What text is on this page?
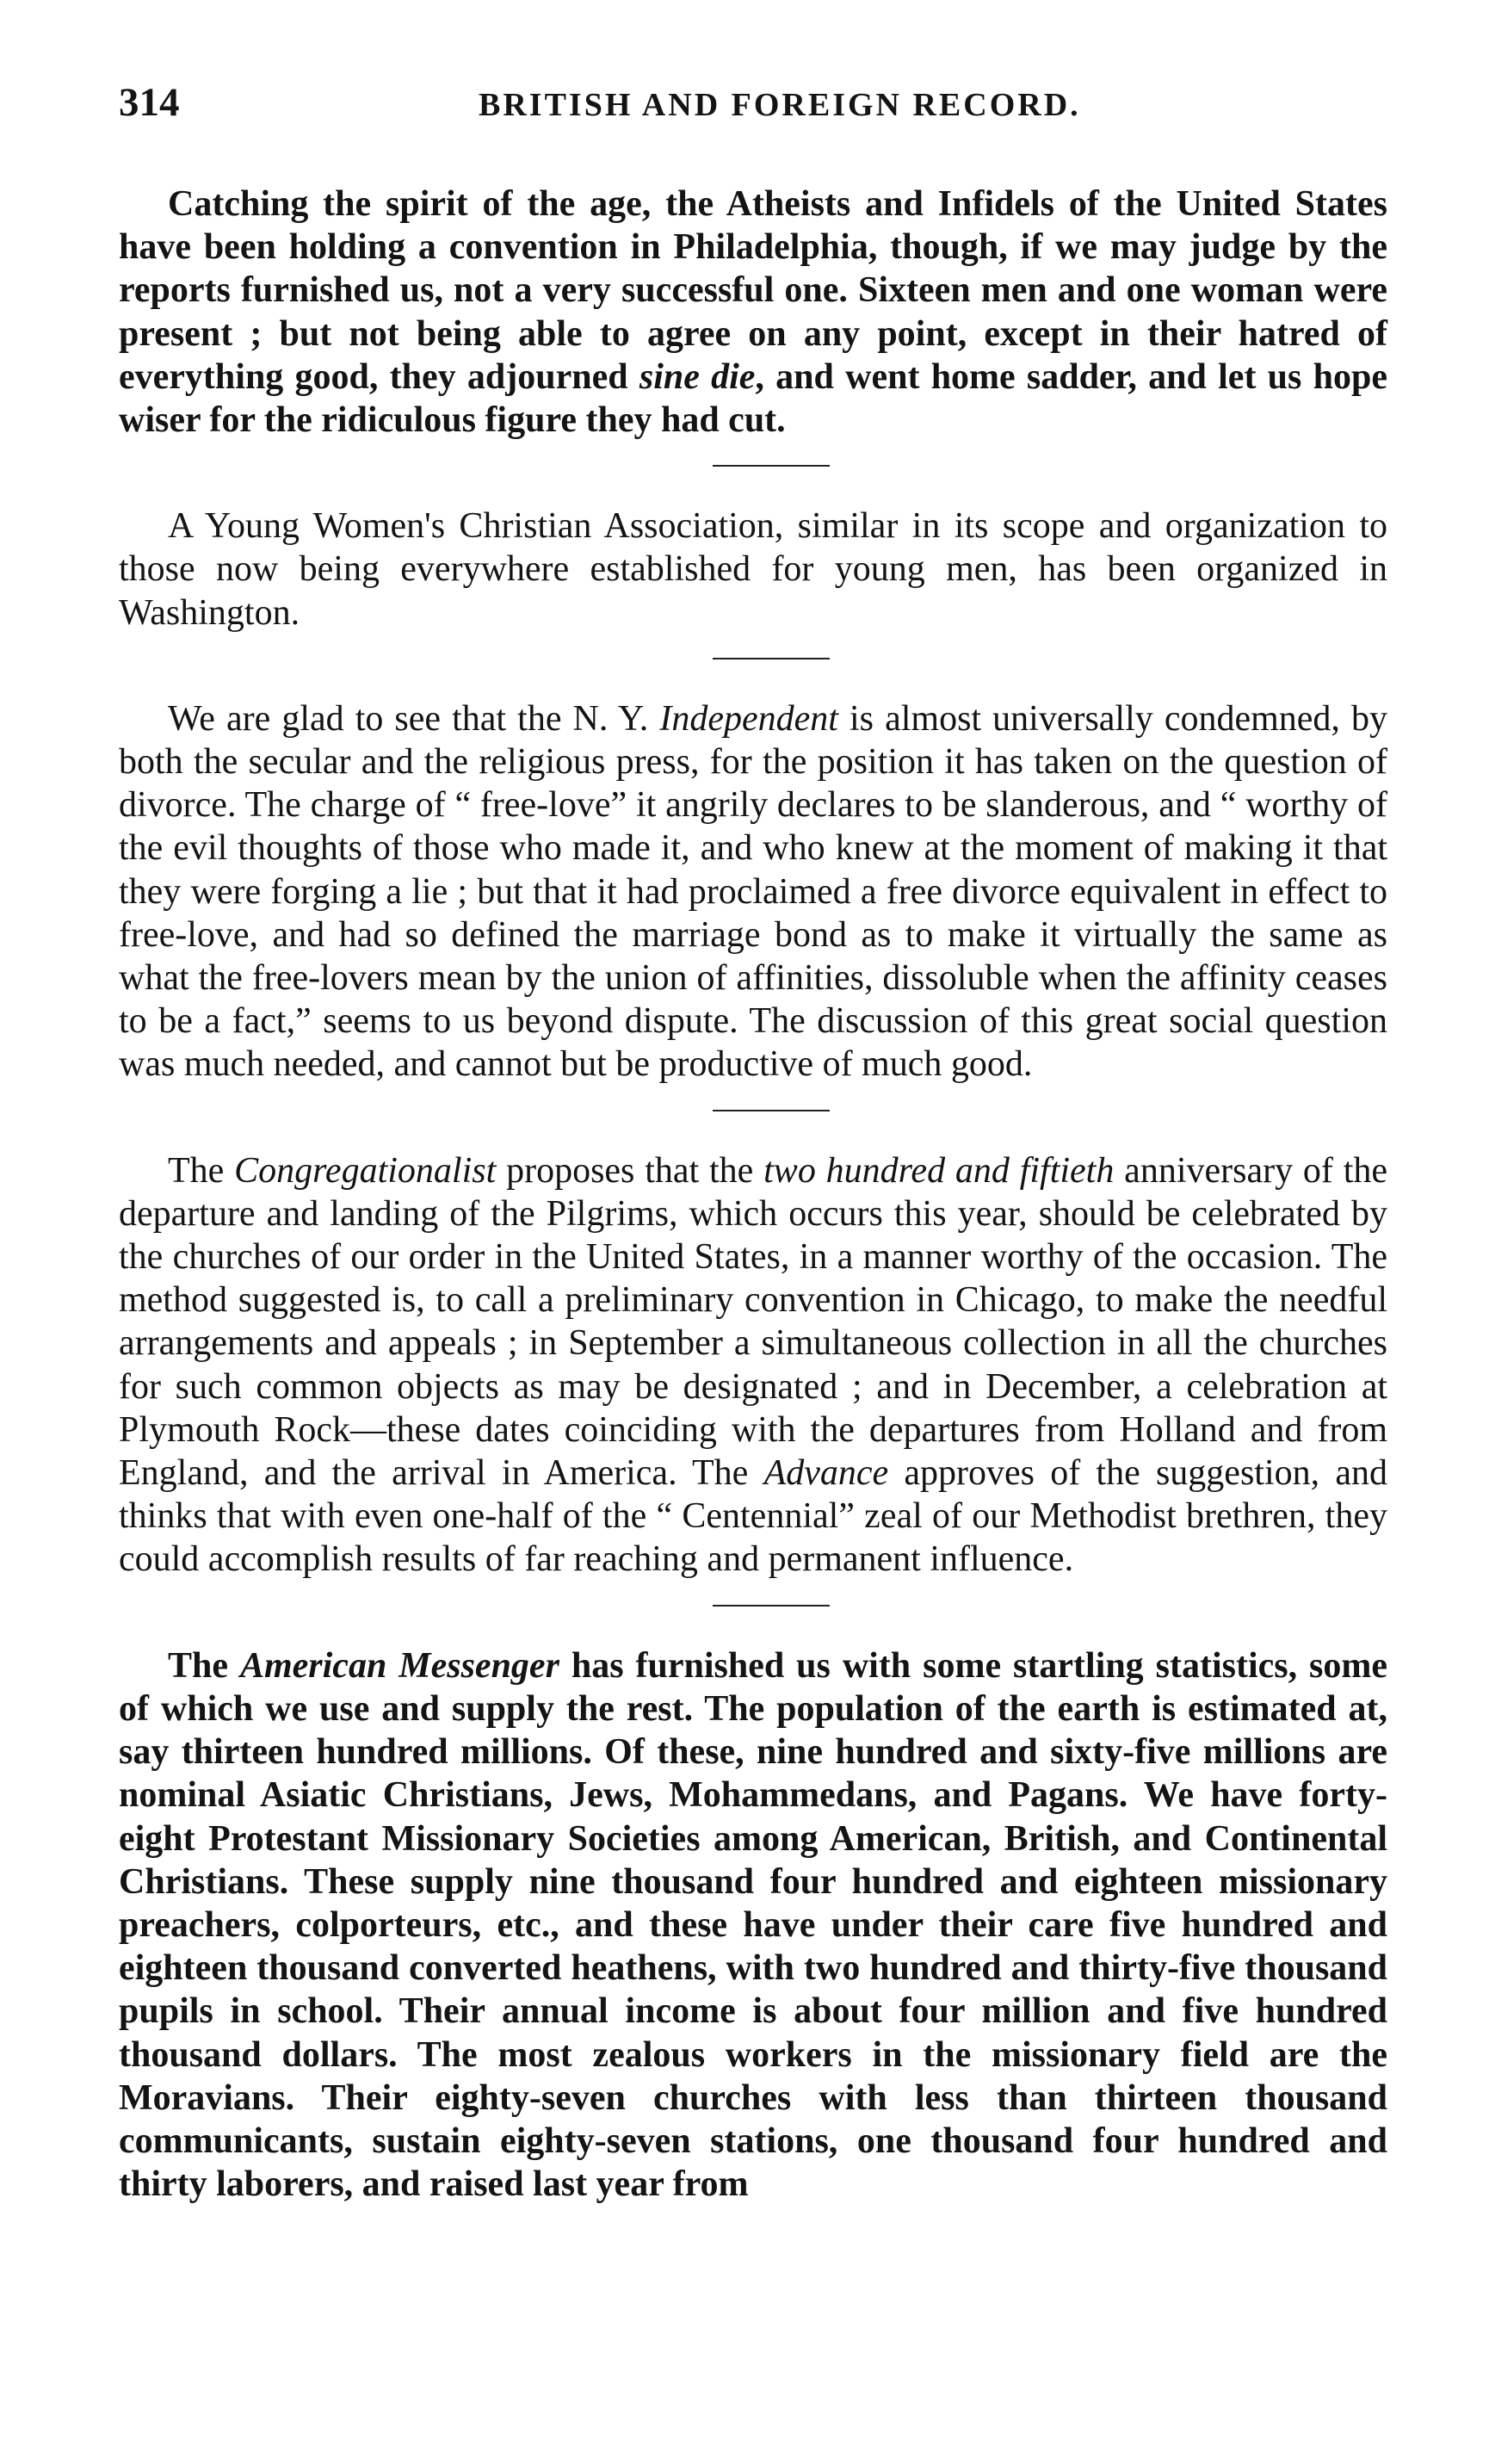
314	BRITISH AND FOREIGN RECORD.

Catching the spirit of the age, the Atheists and Infidels of the United States have been holding a convention in Philadelphia, though, if we may judge by the reports furnished us, not a very successful one. Sixteen men and one woman were present ; but not being able to agree on any point, except in their hatred of everything good, they adjourned sine die, and went home sadder, and let us hope wiser for the ridiculous figure they had cut.

A Young Women's Christian Association, similar in its scope and organization to those now being everywhere established for young men, has been organized in Washington.

We are glad to see that the N. Y. Independent is almost universally condemned, by both the secular and the religious press, for the position it has taken on the question of divorce. The charge of “ free-love” it angrily declares to be slanderous, and “ worthy of the evil thoughts of those who made it, and who knew at the moment of making it that they were forging a lie ; but that it had proclaimed a free divorce equivalent in effect to free-love, and had so defined the marriage bond as to make it virtually the same as what the free-lovers mean by the union of affinities, dissoluble when the affinity ceases to be a fact,” seems to us beyond dispute. The discussion of this great social question was much needed, and cannot but be productive of much good.

The Congregationalist proposes that the two hundred and fiftieth anniversary of the departure and landing of the Pilgrims, which occurs this year, should be celebrated by the churches of our order in the United States, in a manner worthy of the occasion. The method suggested is, to call a preliminary convention in Chicago, to make the needful arrangements and appeals ; in September a simultaneous collection in all the churches for such common objects as may be designated ; and in December, a celebration at Plymouth Rock—these dates coinciding with the departures from Holland and from England, and the arrival in America. The Advance approves of the suggestion, and thinks that with even one-half of the “ Centennial” zeal of our Methodist brethren, they could accomplish results of far reaching and permanent influence.

The American Messenger has furnished us with some startling statistics, some of which we use and supply the rest. The population of the earth is estimated at, say thirteen hundred millions. Of these, nine hundred and sixty-five millions are nominal Asiatic Christians, Jews, Mohammedans, and Pagans. We have forty-eight Protestant Missionary Societies among American, British, and Continental Christians. These supply nine thousand four hundred and eighteen missionary preachers, colporteurs, etc., and these have under their care five hundred and eighteen thousand converted heathens, with two hundred and thirty-five thousand pupils in school. Their annual income is about four million and five hundred thousand dollars. The most zealous workers in the missionary field are the Moravians. Their eighty-seven churches with less than thirteen thousand communicants, sustain eighty-seven stations, one thousand four hundred and thirty laborers, and raised last year from
